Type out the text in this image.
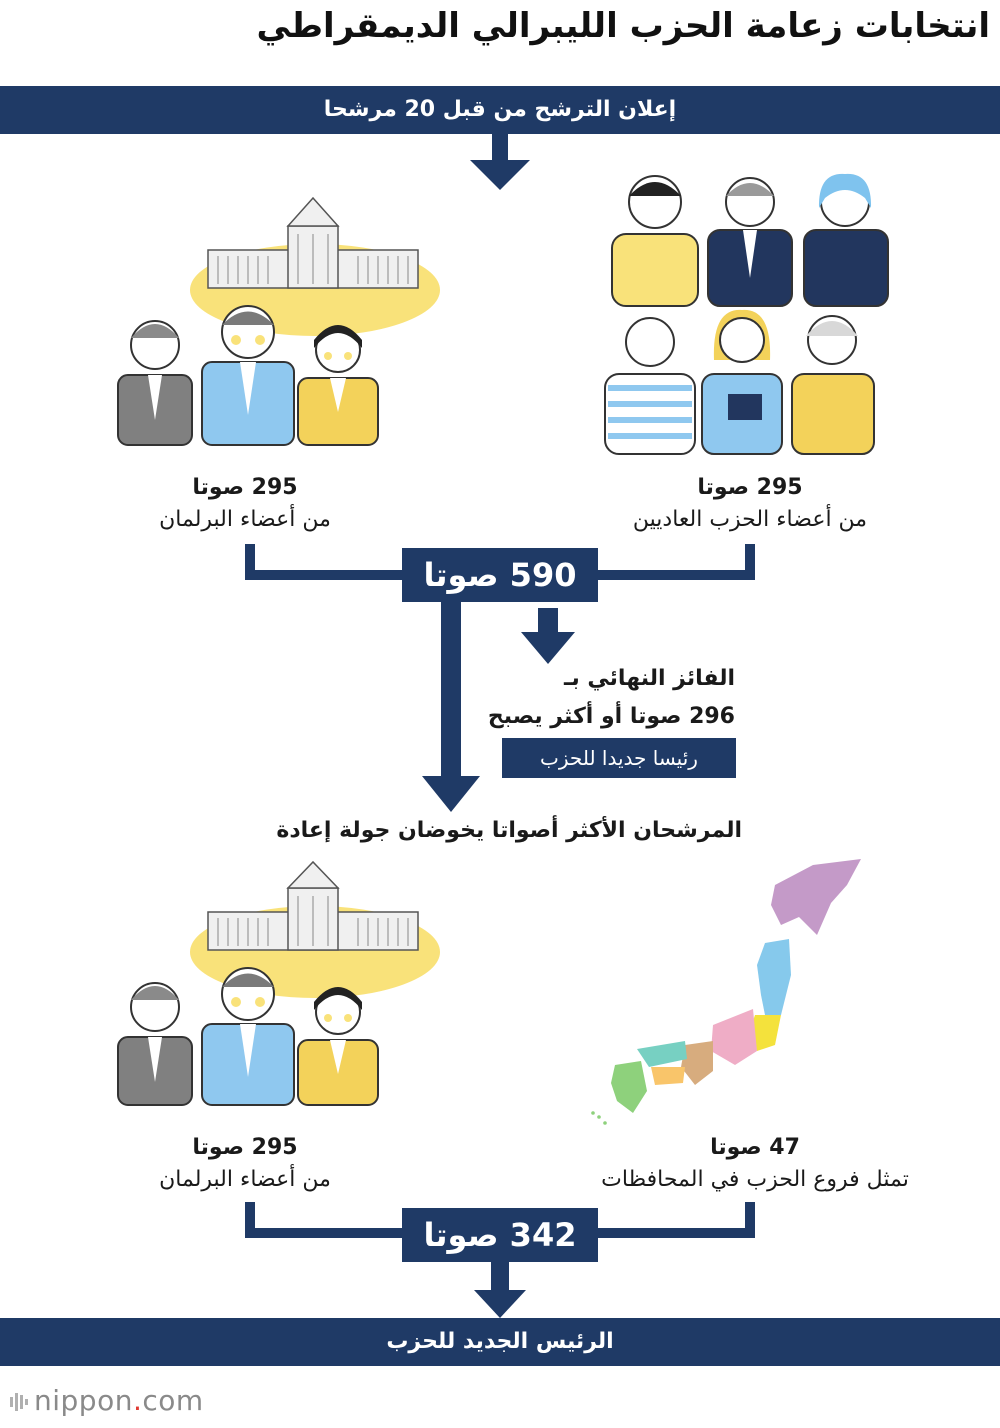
انتخابات زعامة الحزب الليبرالي الديمقراطي
إعلان الترشح من قبل 20 مرشحا
295 صوتا
من أعضاء الحزب العاديين
295 صوتا
من أعضاء البرلمان
590 صوتا
الفائز النهائي بـ
296 صوتا أو أكثر يصبح
رئيسا جديدا للحزب
المرشحان الأكثر أصواتا يخوضان جولة إعادة
47 صوتا
تمثل فروع الحزب في المحافظات
295 صوتا
من أعضاء البرلمان
342 صوتا
الرئيس الجديد للحزب
nippon.com
